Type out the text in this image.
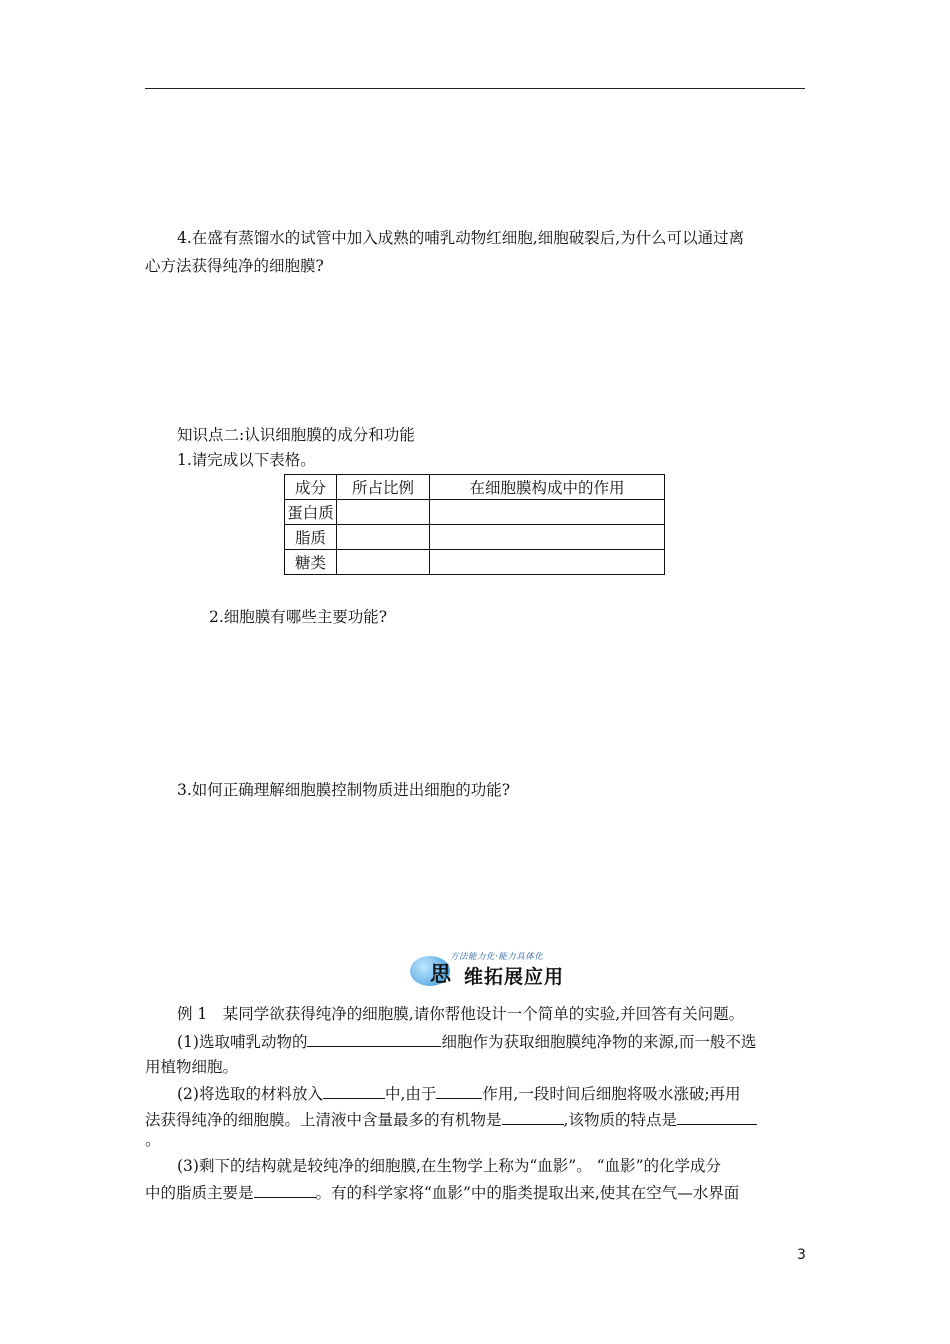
4.在盛有蒸馏水的试管中加入成熟的哺乳动物红细胞,细胞破裂后,为什么可以通过离
心方法获得纯净的细胞膜?
知识点二:认识细胞膜的成分和功能
1.请完成以下表格。
成分	所占比例	在细胞膜构成中的作用
蛋白质		
脂质		
糖类		
2.细胞膜有哪些主要功能?
3.如何正确理解细胞膜控制物质进出细胞的功能?
思
方法能力化·能力具体化
维拓展应用
例 1　某同学欲获得纯净的细胞膜,请你帮他设计一个简单的实验,并回答有关问题。
(1)选取哺乳动物的	细胞作为获取细胞膜纯净物的来源,而一般不选
用植物细胞。
(2)将选取的材料放入	中,由于	作用,一段时间后细胞将吸水涨破;再用
法获得纯净的细胞膜。上清液中含量最多的有机物是	,该物质的特点是
。
(3)剩下的结构就是较纯净的细胞膜,在生物学上称为“血影”。 “血影”的化学成分
中的脂质主要是	。有的科学家将“血影”中的脂类提取出来,使其在空气—水界面
3
